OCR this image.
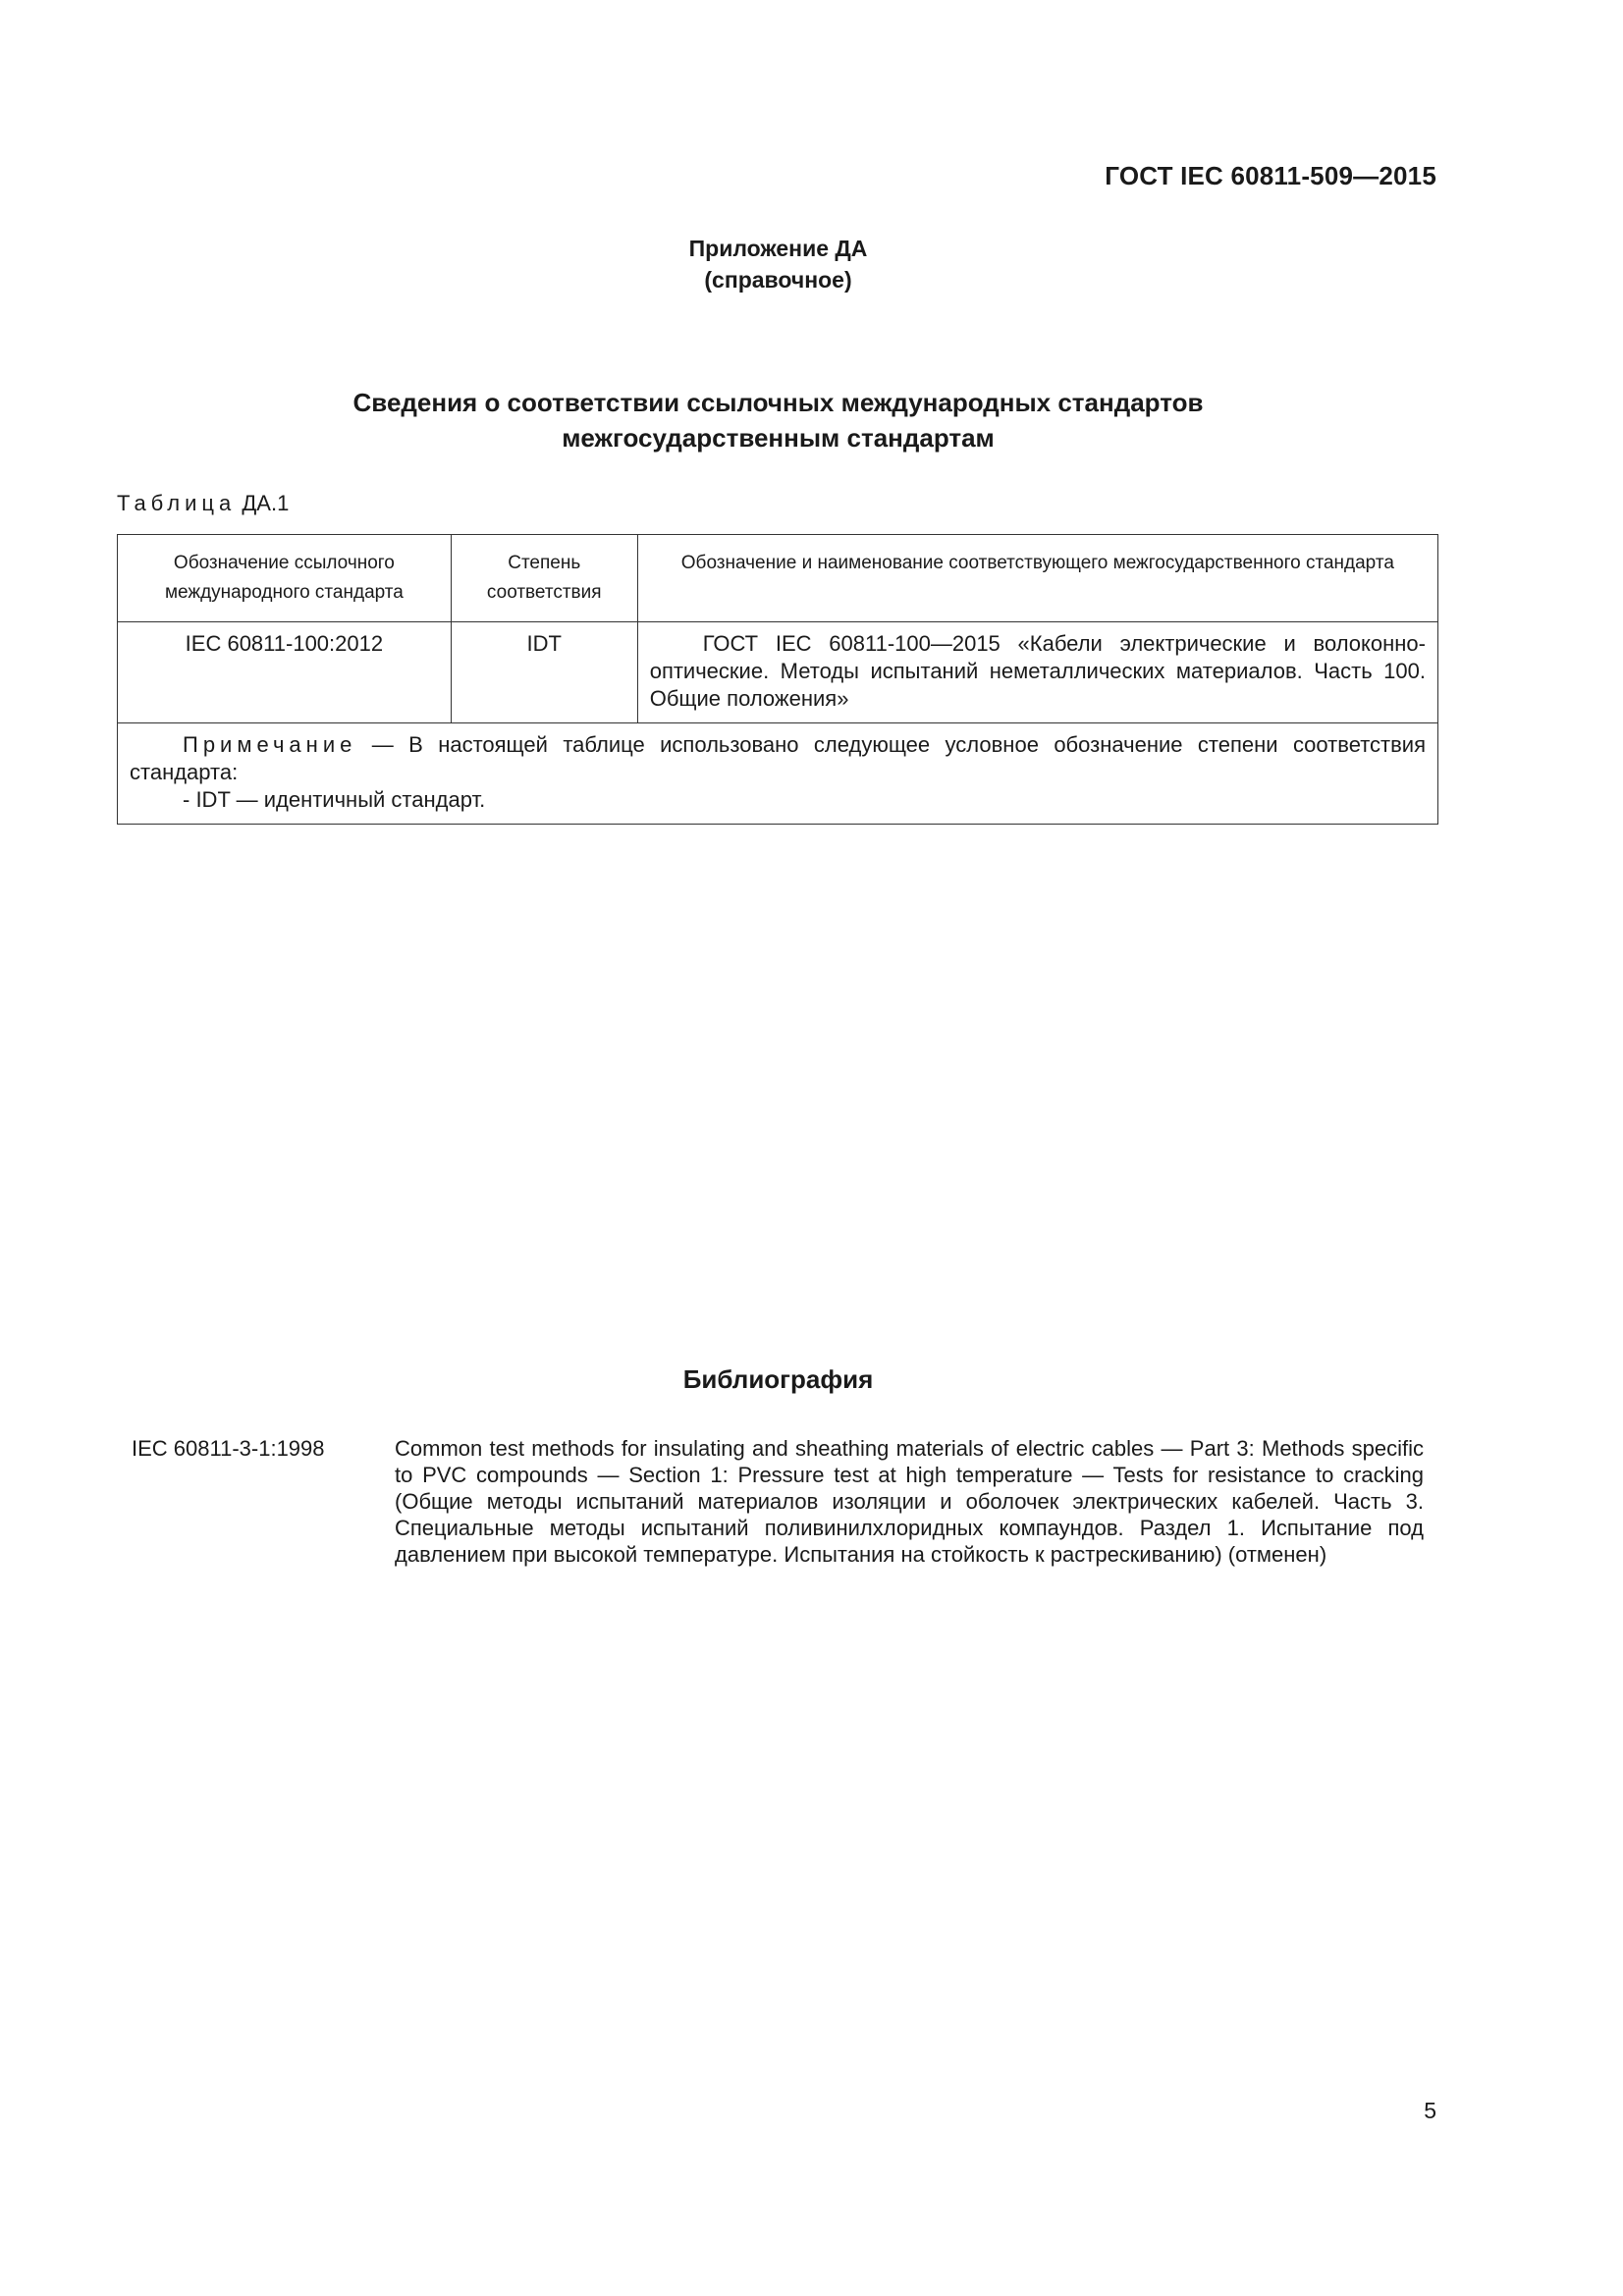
ГОСТ IEC 60811-509—2015
Приложение ДА
(справочное)
Сведения о соответствии ссылочных международных стандартов
межгосударственным стандартам
Таблица ДА.1
Обозначение ссылочного международного стандарта	Степень соответствия	Обозначение и наименование соответствующего межгосударственного стандарта
IEC 60811-100:2012	IDT	ГОСТ IEC 60811-100—2015 «Кабели электрические и волоконно-оптические. Методы испытаний неметаллических материалов. Часть 100. Общие положения»

Примечание — В настоящей таблице использовано следующее условное обозначение степени соответствия стандарта:
- IDT — идентичный стандарт.		
Библиография
IEC 60811-3-1:1998	Common test methods for insulating and sheathing materials of electric cables — Part 3: Methods specific to PVC compounds — Section 1: Pressure test at high temperature — Tests for resistance to cracking (Общие методы испытаний материалов изоляции и оболочек электрических кабелей. Часть 3. Специальные методы испытаний поливинилхлоридных компаундов. Раздел 1. Испытание под давлением при высокой температуре. Испытания на стойкость к растрескиванию) (отменен)
5
